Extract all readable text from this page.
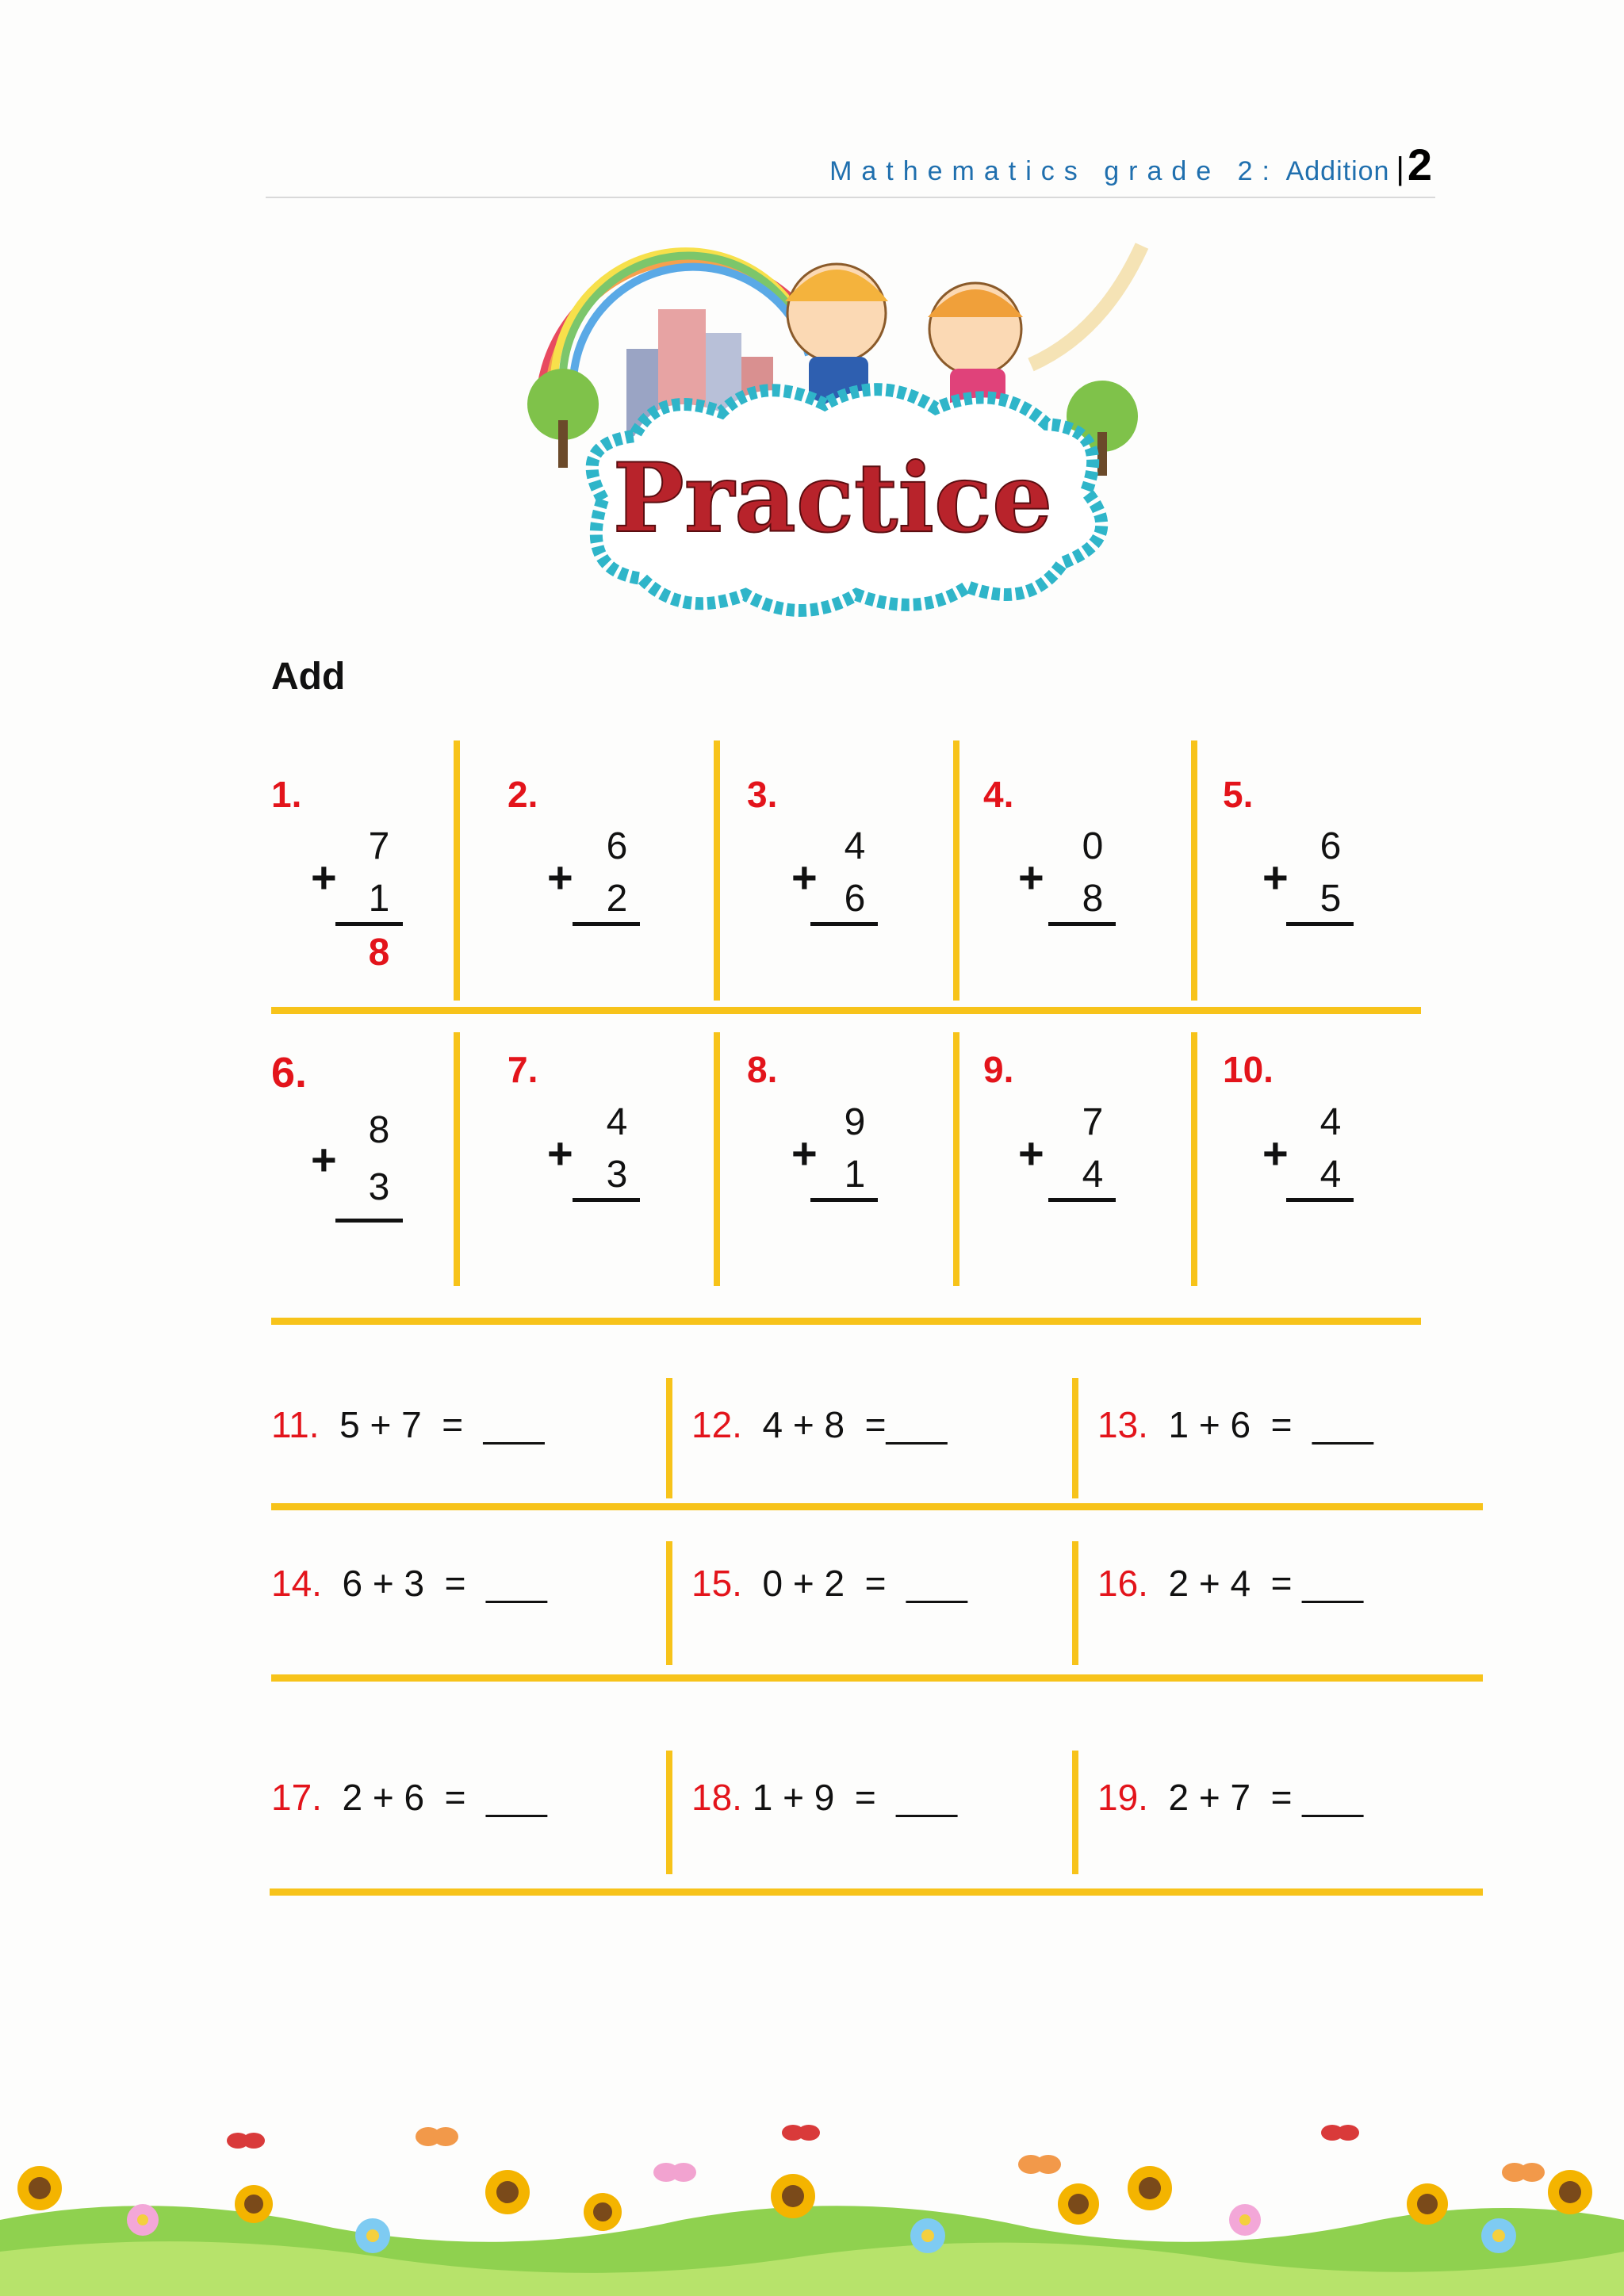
Mathematics grade 2: Addition | 2
Practice
Add
1.
7
+ 1
8
2.
6
+ 2
3.
4
+ 6
4.
0
+ 8
5.
6
+ 5
6.
8
+
3
7.
4
+ 3
8.
9
+ 1
9.
7
+ 4
10.
4
+ 4
11.  5 + 7  =  ___	12.  4 + 8  =___	13.  1 + 6  =  ___
14.  6 + 3  =  ___	15.  0 + 2  =  ___	16.  2 + 4  = ___
17.  2 + 6  =  ___	18. 1 + 9  =  ___	19.  2 + 7  = ___
